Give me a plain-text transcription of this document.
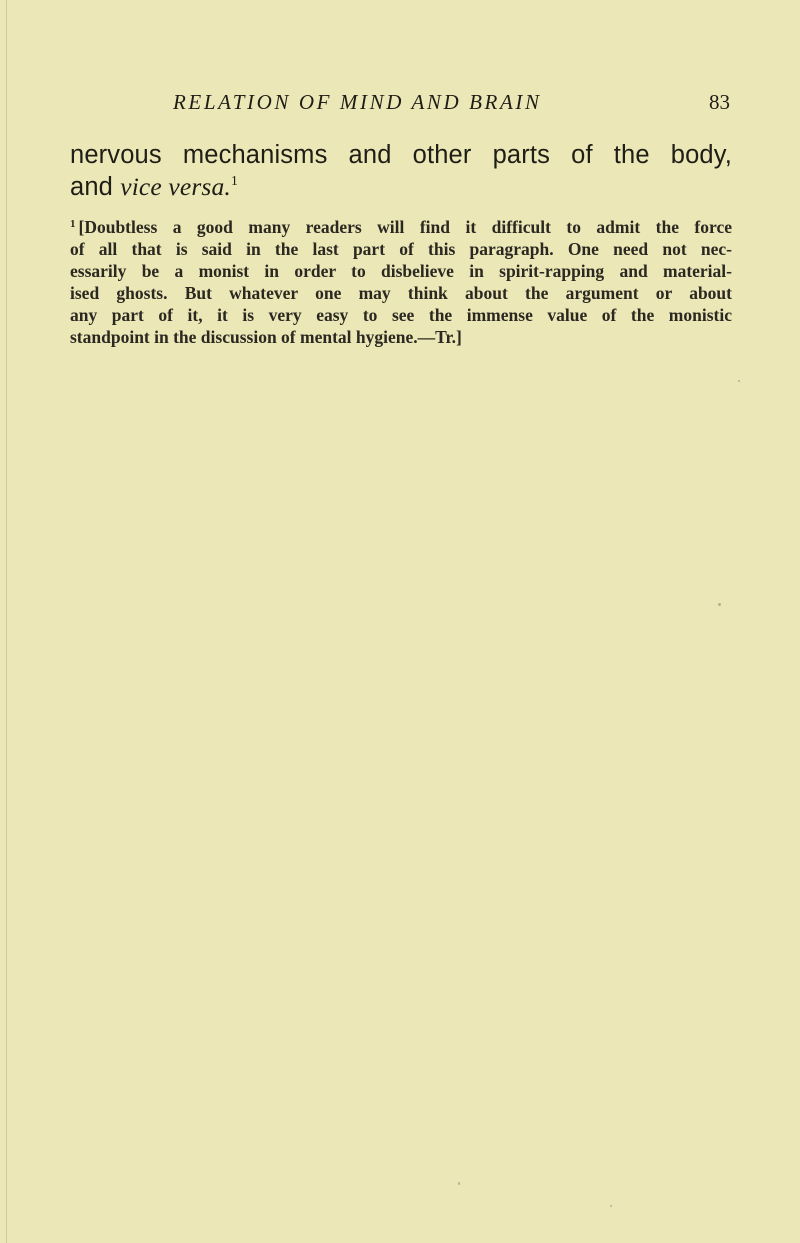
RELATION OF MIND AND BRAIN	83
nervous mechanisms and other parts of the body,
and vice versa.$^1$
$^1$ [Doubtless a good many readers will find it difficult to admit the force
of all that is said in the last part of this paragraph. One need not nec-
essarily be a monist in order to disbelieve in spirit-rapping and material-
ised ghosts. But whatever one may think about the argument or about
any part of it, it is very easy to see the immense value of the monistic
standpoint in the discussion of mental hygiene.—Tr.]
